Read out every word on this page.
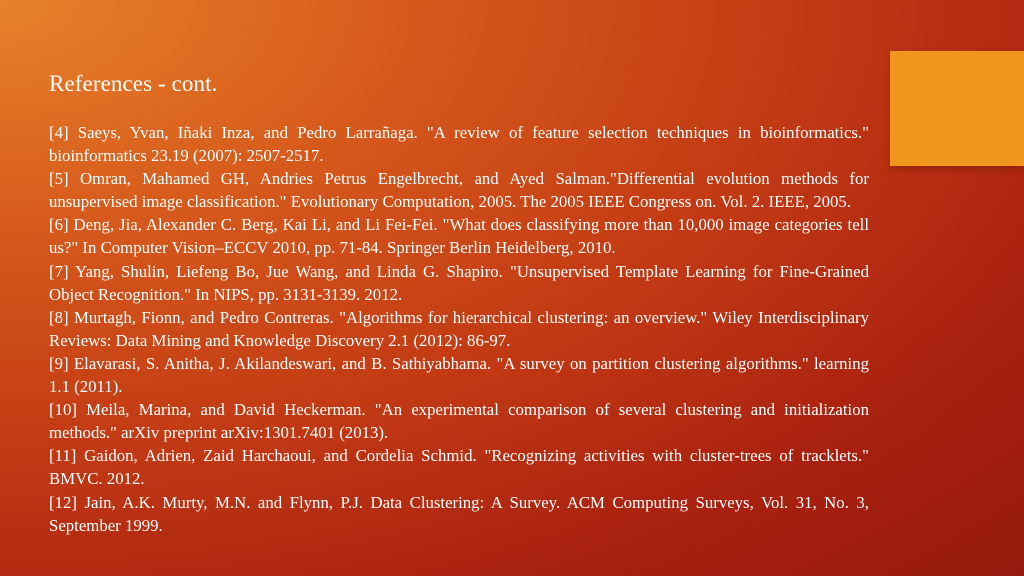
References - cont.

[4] Saeys, Yvan, Iñaki Inza, and Pedro Larrañaga. "A review of feature selection techniques in bioinformatics." bioinformatics 23.19 (2007): 2507-2517.

[5] Omran, Mahamed GH, Andries Petrus Engelbrecht, and Ayed Salman."Differential evolution methods for unsupervised image classification." Evolutionary Computation, 2005. The 2005 IEEE Congress on. Vol. 2. IEEE, 2005.

[6] Deng, Jia, Alexander C. Berg, Kai Li, and Li Fei-Fei. "What does classifying more than 10,000 image categories tell us?" In Computer Vision–ECCV 2010, pp. 71-84. Springer Berlin Heidelberg, 2010.

[7] Yang, Shulin, Liefeng Bo, Jue Wang, and Linda G. Shapiro. "Unsupervised Template Learning for Fine-Grained Object Recognition." In NIPS, pp. 3131-3139. 2012.

[8] Murtagh, Fionn, and Pedro Contreras. "Algorithms for hierarchical clustering: an overview." Wiley Interdisciplinary Reviews: Data Mining and Knowledge Discovery 2.1 (2012): 86-97.

[9] Elavarasi, S. Anitha, J. Akilandeswari, and B. Sathiyabhama. "A survey on partition clustering algorithms." learning 1.1 (2011).

[10] Meila, Marina, and David Heckerman. "An experimental comparison of several clustering and initialization methods." arXiv preprint arXiv:1301.7401 (2013).

[11] Gaidon, Adrien, Zaid Harchaoui, and Cordelia Schmid. "Recognizing activities with cluster-trees of tracklets." BMVC. 2012.

[12] Jain, A.K. Murty, M.N. and Flynn, P.J. Data Clustering: A Survey. ACM Computing Surveys, Vol. 31, No. 3, September 1999.
